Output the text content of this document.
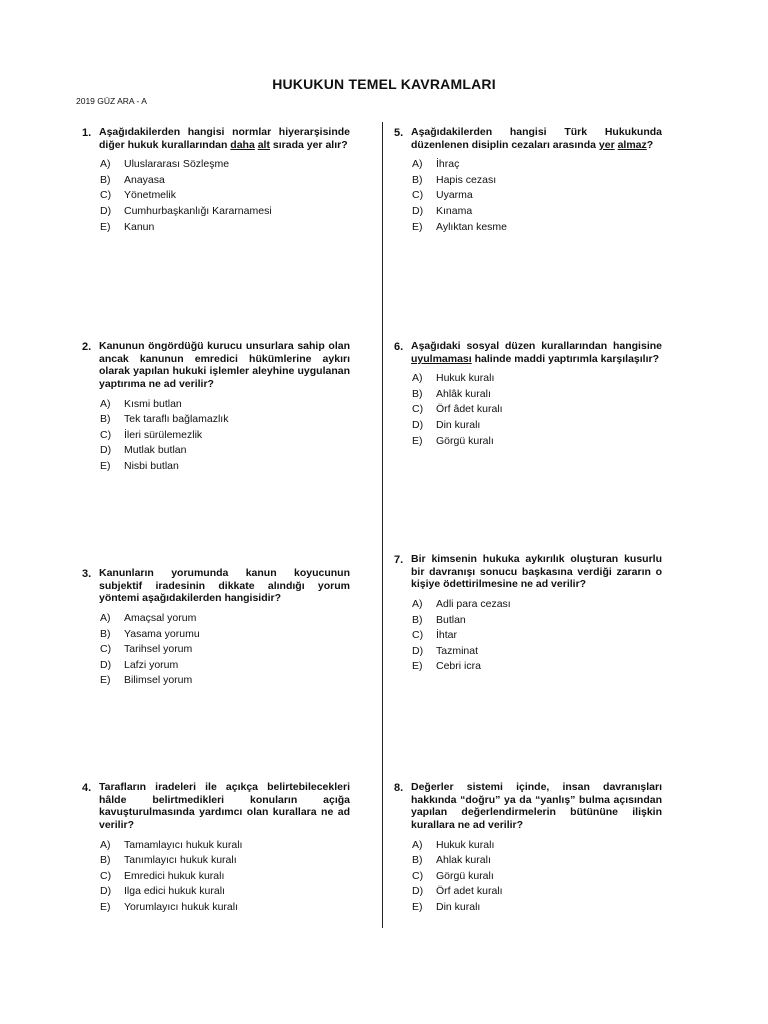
HUKUKUN TEMEL KAVRAMLARI
2019 GÜZ ARA - A
1. Aşağıdakilerden hangisi normlar hiyerarşisinde diğer hukuk kurallarından daha alt sırada yer alır?
A)	Uluslararası Sözleşme
B)	Anayasa
C)	Yönetmelik
D)	Cumhurbaşkanlığı Kararnamesi
E)	Kanun
2. Kanunun öngördüğü kurucu unsurlara sahip olan ancak kanunun emredici hükümlerine aykırı olarak yapılan hukuki işlemler aleyhine uygulanan yaptırıma ne ad verilir?
A)	Kısmi butlan
B)	Tek taraflı bağlamazlık
C)	İleri sürülemezlik
D)	Mutlak butlan
E)	Nisbi butlan
3. Kanunların yorumunda kanun koyucunun subjektif iradesinin dikkate alındığı yorum yöntemi aşağıdakilerden hangisidir?
A)	Amaçsal yorum
B)	Yasama yorumu
C)	Tarihsel yorum
D)	Lafzi yorum
E)	Bilimsel yorum
4. Tarafların iradeleri ile açıkça belirtebilecekleri hâlde belirtmedikleri konuların açığa kavuşturulmasında yardımcı olan kurallara ne ad verilir?
A)	Tamamlayıcı hukuk kuralı
B)	Tanımlayıcı hukuk kuralı
C)	Emredici hukuk kuralı
D)	Ilga edici hukuk kuralı
E)	Yorumlayıcı hukuk kuralı
5. Aşağıdakilerden hangisi Türk Hukukunda düzenlenen disiplin cezaları arasında yer almaz?
A)	İhraç
B)	Hapis cezası
C)	Uyarma
D)	Kınama
E)	Aylıktan kesme
6. Aşağıdaki sosyal düzen kurallarından hangisine uyulmaması halinde maddi yaptırımla karşılaşılır?
A)	Hukuk kuralı
B)	Ahlâk kuralı
C)	Örf âdet kuralı
D)	Din kuralı
E)	Görgü kuralı
7. Bir kimsenin hukuka aykırılık oluşturan kusurlu bir davranışı sonucu başkasına verdiği zararın o kişiye ödettirilmesine ne ad verilir?
A)	Adli para cezası
B)	Butlan
C)	İhtar
D)	Tazminat
E)	Cebri icra
8. Değerler sistemi içinde, insan davranışları hakkında “doğru” ya da “yanlış” bulma açısından yapılan değerlendirmelerin bütününe ilişkin kurallara ne ad verilir?
A)	Hukuk kuralı
B)	Ahlak kuralı
C)	Görgü kuralı
D)	Örf adet kuralı
E)	Din kuralı
